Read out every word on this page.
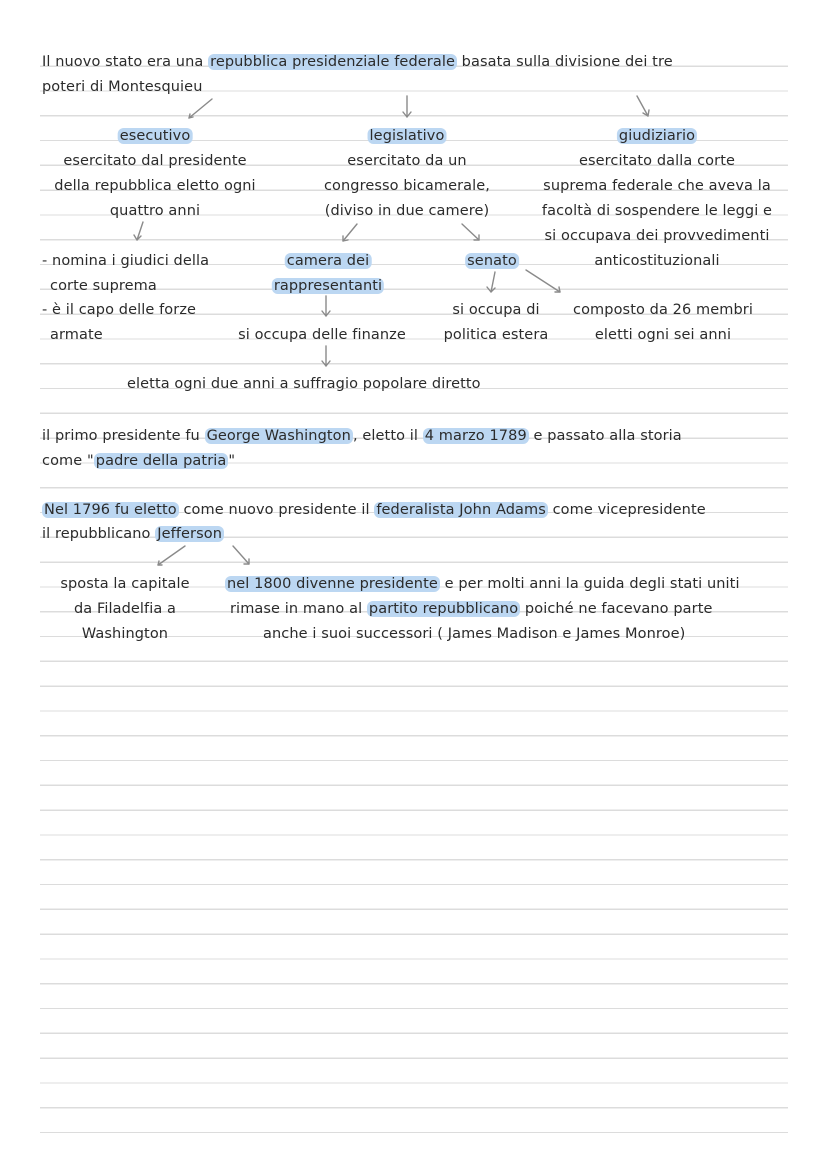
Il nuovo stato era una repubblica presidenziale federale basata sulla divisione dei tre
poteri di Montesquieu
esecutivo
esercitato dal presidente
della repubblica eletto ogni
quattro anni
- nomina i giudici della
corte suprema
- è il capo delle forze
armate
legislativo
esercitato da un
congresso bicamerale,
(diviso in due camere)
camera dei
rappresentanti
si occupa delle finanze
eletta ogni due anni a suffragio popolare diretto
senato
si occupa di
politica estera
composto da 26 membri
eletti ogni sei anni
giudiziario
esercitato dalla corte
suprema federale che aveva la
facoltà di sospendere le leggi e
si occupava dei provvedimenti
anticostituzionali
il primo presidente fu George Washington , eletto il 4 marzo 1789 e passato alla storia
come " padre della patria "
Nel 1796 fu eletto come nuovo presidente il federalista John Adams come vicepresidente
il repubblicano Jefferson
sposta la capitale
da Filadelfia a
Washington
nel 1800 divenne presidente e per molti anni la guida degli stati uniti
rimase in mano al partito repubblicano poiché ne facevano parte
anche i suoi successori ( James Madison e James Monroe)
